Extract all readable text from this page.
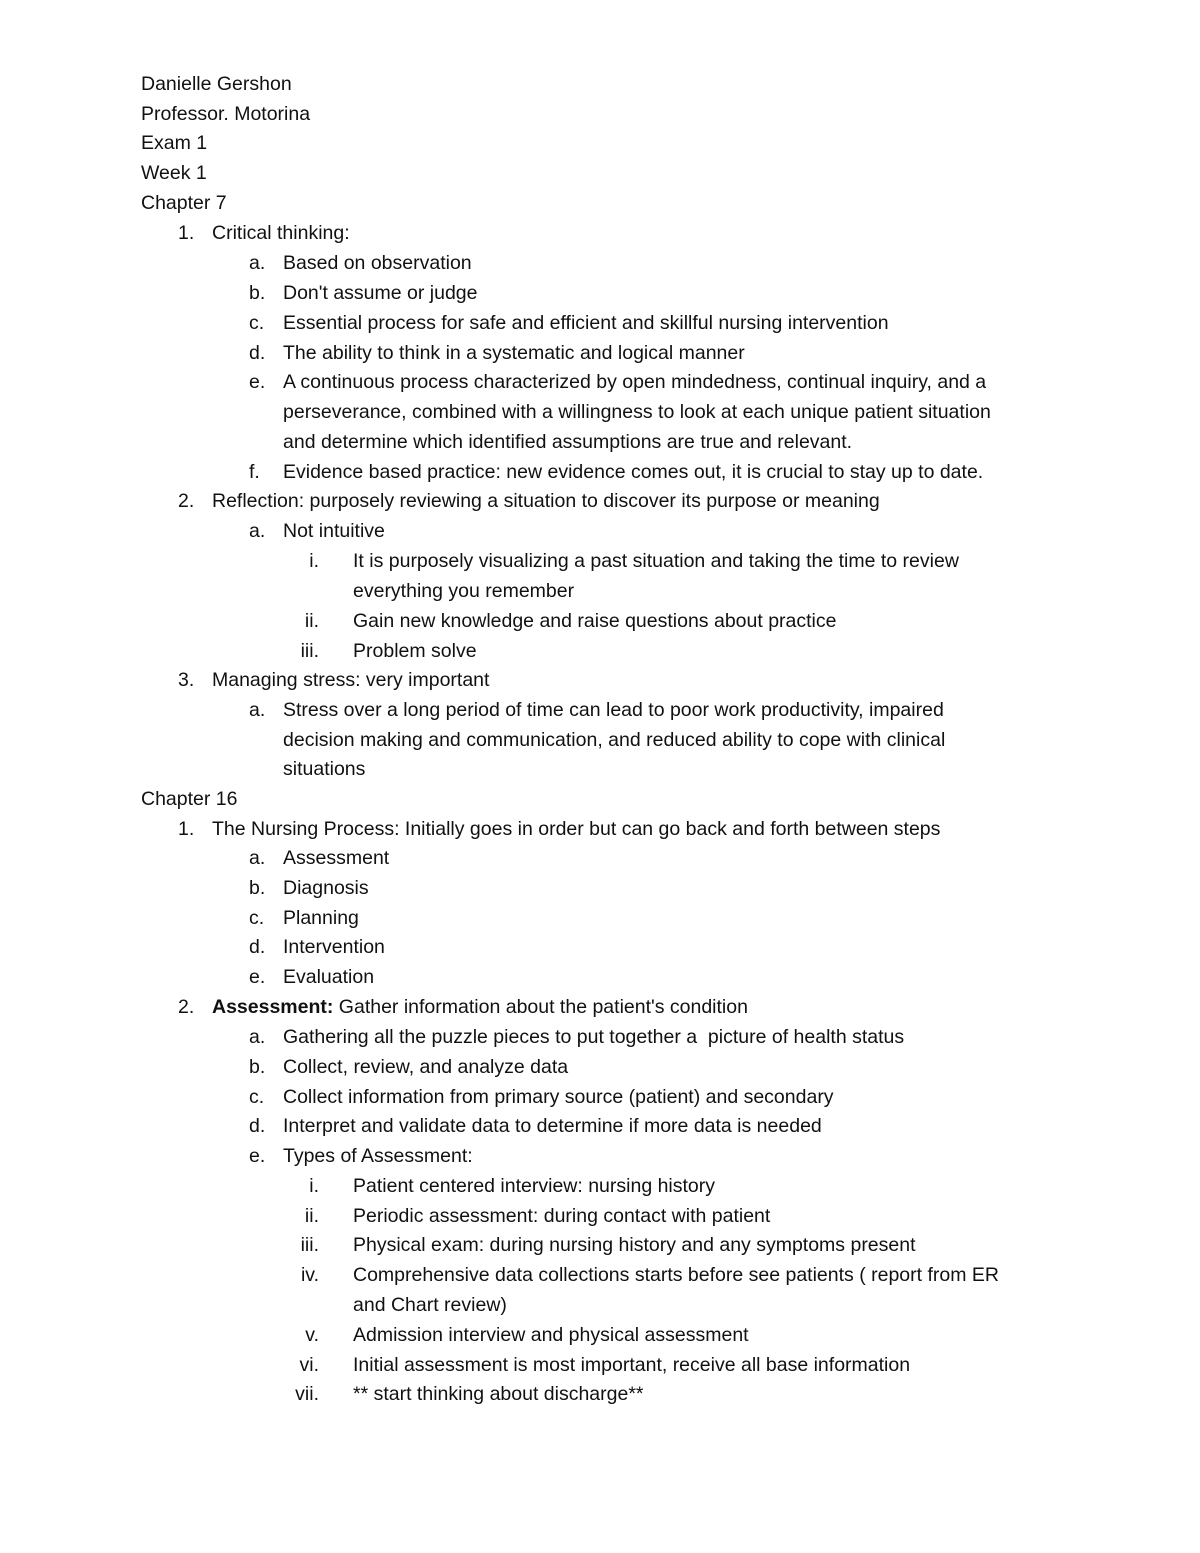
Danielle Gershon
Professor. Motorina
Exam 1
Week 1
Chapter 7
1. Critical thinking:
a. Based on observation
b. Don't assume or judge
c. Essential process for safe and efficient and skillful nursing intervention
d. The ability to think in a systematic and logical manner
e. A continuous process characterized by open mindedness, continual inquiry, and a
perseverance, combined with a willingness to look at each unique patient situation
and determine which identified assumptions are true and relevant.
f.	Evidence based practice: new evidence comes out, it is crucial to stay up to date.
2. Reflection: purposely reviewing a situation to discover its purpose or meaning
a. Not intuitive
i. It is purposely visualizing a past situation and taking the time to review
everything you remember
ii. Gain new knowledge and raise questions about practice
iii. Problem solve
3. Managing stress: very important
a. Stress over a long period of time can lead to poor work productivity, impaired
decision making and communication, and reduced ability to cope with clinical
situations
Chapter 16
1. The Nursing Process: Initially goes in order but can go back and forth between steps
a. Assessment
b. Diagnosis
c. Planning
d. Intervention
e. Evaluation
2. Assessment: Gather information about the patient's condition
a. Gathering all the puzzle pieces to put together a  picture of health status
b. Collect, review, and analyze data
c. Collect information from primary source (patient) and secondary
d. Interpret and validate data to determine if more data is needed
e. Types of Assessment:
i. Patient centered interview: nursing history
ii. Periodic assessment: during contact with patient
iii. Physical exam: during nursing history and any symptoms present
iv. Comprehensive data collections starts before see patients ( report from ER
and Chart review)
v. Admission interview and physical assessment
vi. Initial assessment is most important, receive all base information
vii. ** start thinking about discharge**
